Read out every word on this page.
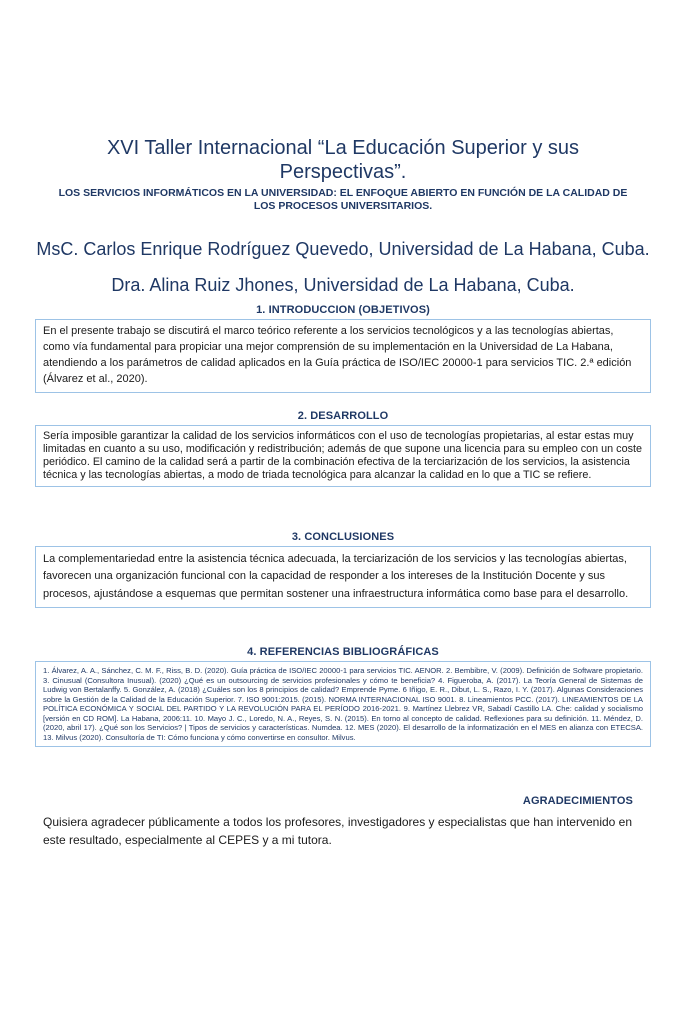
XVI Taller Internacional “La Educación Superior y sus Perspectivas”.
LOS SERVICIOS INFORMÁTICOS EN LA UNIVERSIDAD: EL ENFOQUE ABIERTO EN FUNCIÓN DE LA CALIDAD DE LOS PROCESOS UNIVERSITARIOS.

MsC. Carlos Enrique Rodríguez Quevedo, Universidad de La Habana, Cuba.

Dra. Alina Ruiz Jhones, Universidad de La Habana, Cuba.

1. INTRODUCCION (OBJETIVOS)

En el presente trabajo se discutirá el marco teórico referente a los servicios tecnológicos y a las tecnologías abiertas, como vía fundamental para propiciar una mejor comprensión de su implementación en la Universidad de La Habana, atendiendo a los parámetros de calidad aplicados en la Guía práctica de ISO/IEC 20000-1 para servicios TIC. 2.ª edición (Álvarez et al., 2020).

2. DESARROLLO

Sería imposible garantizar la calidad de los servicios informáticos con el uso de tecnologías propietarias, al estar estas muy limitadas en cuanto a su uso, modificación y redistribución; además de que supone una licencia para su empleo con un coste periódico. El camino de la calidad será a partir de la combinación efectiva de la terciarización de los servicios, la asistencia técnica y las tecnologías abiertas, a modo de triada tecnológica para alcanzar la calidad en lo que a TIC se refiere.

3. CONCLUSIONES

La complementariedad entre la asistencia técnica adecuada, la terciarización de los servicios y las tecnologías abiertas, favorecen una organización funcional con la capacidad de responder a los intereses de la Institución Docente y sus procesos, ajustándose a esquemas que permitan sostener una infraestructura informática como base para el desarrollo.

4. REFERENCIAS BIBLIOGRÁFICAS

1. Álvarez, A. A., Sánchez, C. M. F., Riss, B. D. (2020). Guía práctica de ISO/IEC 20000-1 para servicios TIC. AENOR. 2. Bembibre, V. (2009). Definición de Software propietario. 3. Cinusual (Consultora Inusual). (2020) ¿Qué es un outsourcing de servicios profesionales y cómo te beneficia? 4. Figueroba, A. (2017). La Teoría General de Sistemas de Ludwig von Bertalanffy. 5. González, A. (2018) ¿Cuáles son los 8 principios de calidad? Emprende Pyme. 6 Iñigo, E. R., Dibut, L. S., Razo, I. Y. (2017). Algunas Consideraciones sobre la Gestión de la Calidad de la Educación Superior. 7. ISO 9001:2015. (2015). NORMA INTERNACIONAL ISO 9001. 8. Lineamientos PCC. (2017). LINEAMIENTOS DE LA POLÍTICA ECONÓMICA Y SOCIAL DEL PARTIDO Y LA REVOLUCIÓN PARA EL PERÍODO 2016-2021. 9. Martínez Llebrez VR, Sabadí Castillo LA. Che: calidad y socialismo [versión en CD ROM]. La Habana, 2006:11. 10. Mayo J. C., Loredo, N. A., Reyes, S. N. (2015). En torno al concepto de calidad. Reflexiones para su definición. 11. Méndez, D. (2020, abril 17). ¿Qué son los Servicios? | Tipos de servicios y características. Numdea. 12. MES (2020). El desarrollo de la informatización en el MES en alianza con ETECSA. 13. Milvus (2020). Consultoría de TI: Cómo funciona y cómo convertirse en consultor. Milvus.

AGRADECIMIENTOS

Quisiera agradecer públicamente a todos los profesores, investigadores y especialistas que han intervenido en este resultado, especialmente al CEPES y a mi tutora.
